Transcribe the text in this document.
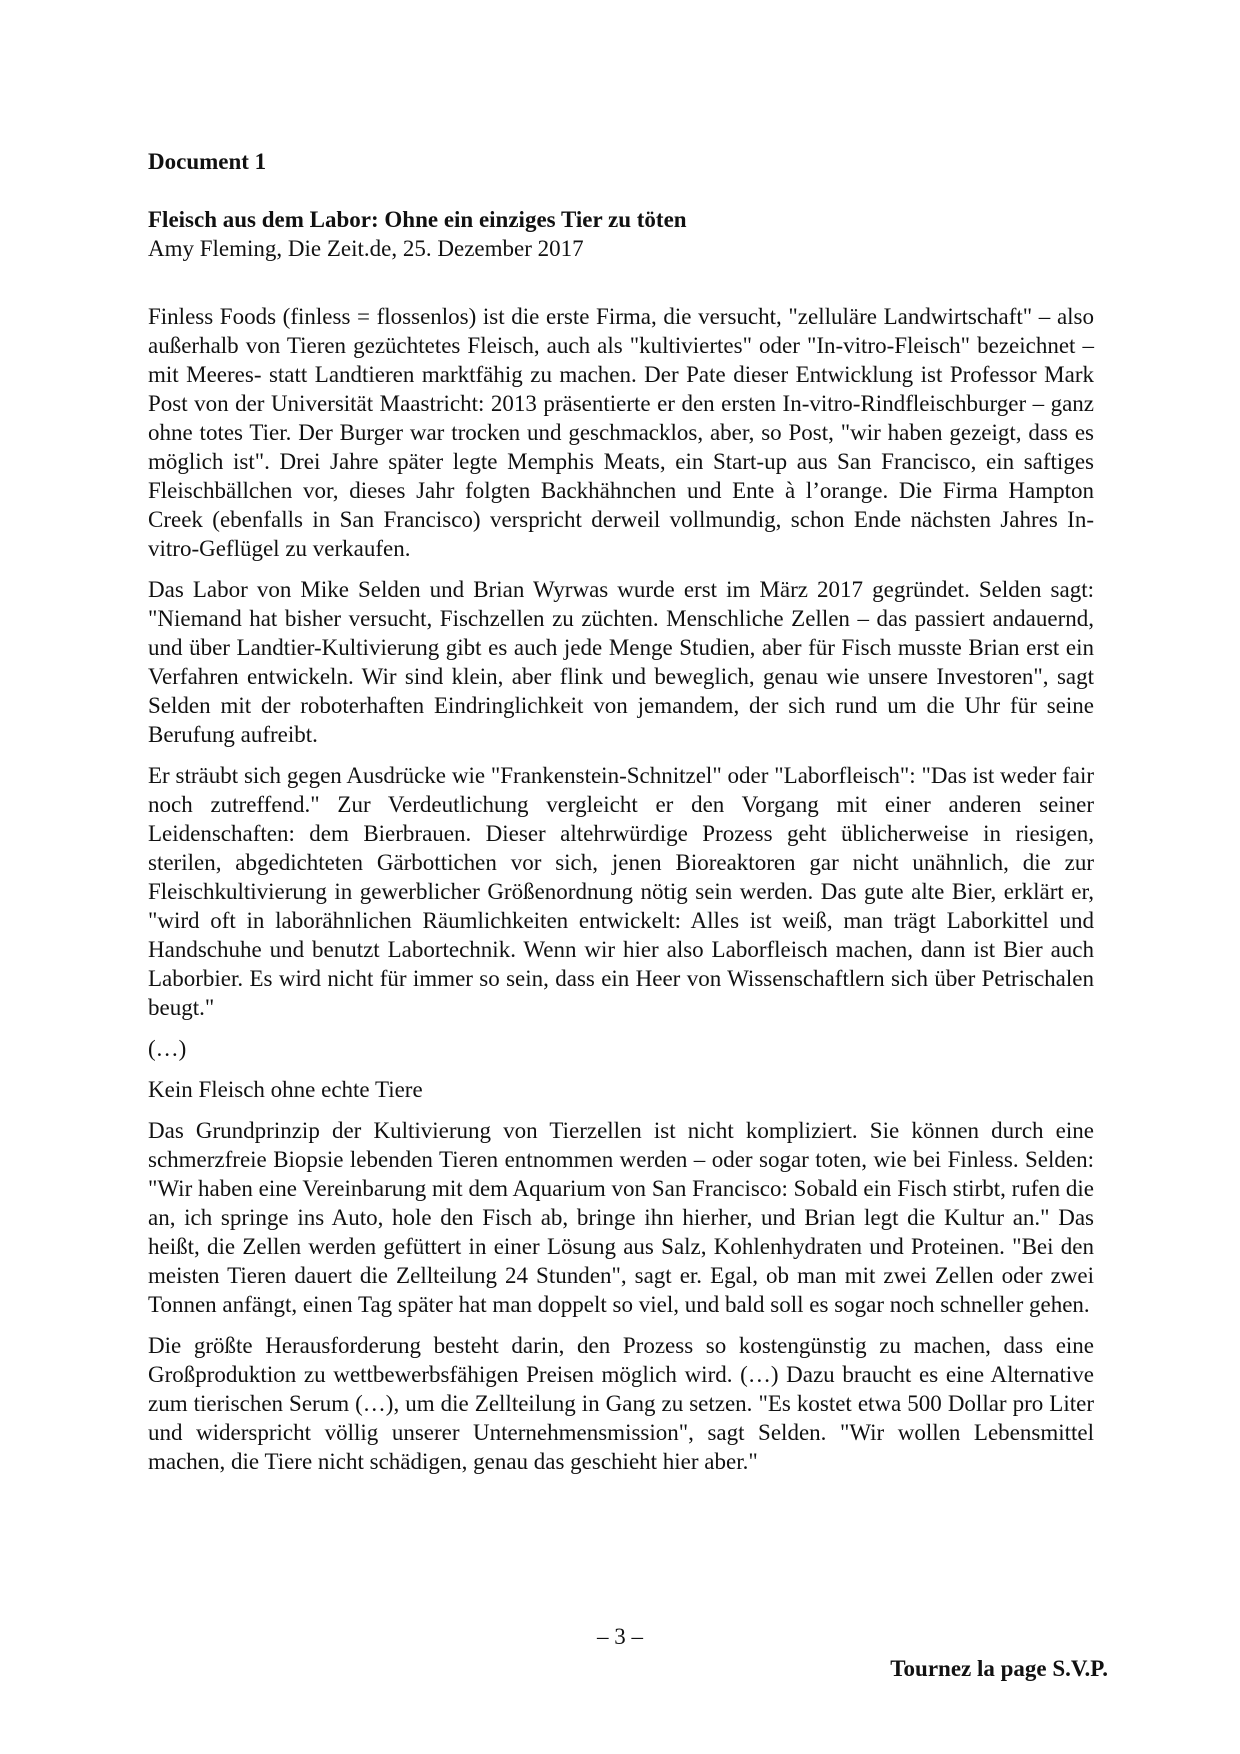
Document 1
Fleisch aus dem Labor: Ohne ein einziges Tier zu töten
Amy Fleming, Die Zeit.de, 25. Dezember 2017

Finless Foods (finless = flossenlos) ist die erste Firma, die versucht, "zelluläre Landwirtschaft" – also außerhalb von Tieren gezüchtetes Fleisch, auch als "kultiviertes" oder "In-vitro-Fleisch" bezeichnet – mit Meeres- statt Landtieren marktfähig zu machen. Der Pate dieser Entwicklung ist Professor Mark Post von der Universität Maastricht: 2013 präsentierte er den ersten In-vitro-Rindfleischburger – ganz ohne totes Tier. Der Burger war trocken und geschmacklos, aber, so Post, "wir haben gezeigt, dass es möglich ist". Drei Jahre später legte Memphis Meats, ein Start-up aus San Francisco, ein saftiges Fleischbällchen vor, dieses Jahr folgten Backhähnchen und Ente à l’orange. Die Firma Hampton Creek (ebenfalls in San Francisco) verspricht derweil vollmundig, schon Ende nächsten Jahres In-vitro-Geflügel zu verkaufen.

Das Labor von Mike Selden und Brian Wyrwas wurde erst im März 2017 gegründet. Selden sagt: "Niemand hat bisher versucht, Fischzellen zu züchten. Menschliche Zellen – das passiert andauernd, und über Landtier-Kultivierung gibt es auch jede Menge Studien, aber für Fisch musste Brian erst ein Verfahren entwickeln. Wir sind klein, aber flink und beweglich, genau wie unsere Investoren", sagt Selden mit der roboterhaften Eindringlichkeit von jemandem, der sich rund um die Uhr für seine Berufung aufreibt.

Er sträubt sich gegen Ausdrücke wie "Frankenstein-Schnitzel" oder "Laborfleisch": "Das ist weder fair noch zutreffend." Zur Verdeutlichung vergleicht er den Vorgang mit einer anderen seiner Leidenschaften: dem Bierbrauen. Dieser altehrwürdige Prozess geht üblicherweise in riesigen, sterilen, abgedichteten Gärbottichen vor sich, jenen Bioreaktoren gar nicht unähnlich, die zur Fleischkultivierung in gewerblicher Größenordnung nötig sein werden. Das gute alte Bier, erklärt er, "wird oft in laborähnlichen Räumlichkeiten entwickelt: Alles ist weiß, man trägt Laborkittel und Handschuhe und benutzt Labortechnik. Wenn wir hier also Laborfleisch machen, dann ist Bier auch Laborbier. Es wird nicht für immer so sein, dass ein Heer von Wissenschaftlern sich über Petrischalen beugt."

(…)

Kein Fleisch ohne echte Tiere

Das Grundprinzip der Kultivierung von Tierzellen ist nicht kompliziert. Sie können durch eine schmerzfreie Biopsie lebenden Tieren entnommen werden – oder sogar toten, wie bei Finless. Selden: "Wir haben eine Vereinbarung mit dem Aquarium von San Francisco: Sobald ein Fisch stirbt, rufen die an, ich springe ins Auto, hole den Fisch ab, bringe ihn hierher, und Brian legt die Kultur an." Das heißt, die Zellen werden gefüttert in einer Lösung aus Salz, Kohlenhydraten und Proteinen. "Bei den meisten Tieren dauert die Zellteilung 24 Stunden", sagt er. Egal, ob man mit zwei Zellen oder zwei Tonnen anfängt, einen Tag später hat man doppelt so viel, und bald soll es sogar noch schneller gehen.

Die größte Herausforderung besteht darin, den Prozess so kostengünstig zu machen, dass eine Großproduktion zu wettbewerbsfähigen Preisen möglich wird. (…) Dazu braucht es eine Alternative zum tierischen Serum (…), um die Zellteilung in Gang zu setzen. "Es kostet etwa 500 Dollar pro Liter und widerspricht völlig unserer Unternehmensmission", sagt Selden. "Wir wollen Lebensmittel machen, die Tiere nicht schädigen, genau das geschieht hier aber."

– 3 –
Tournez la page S.V.P.
